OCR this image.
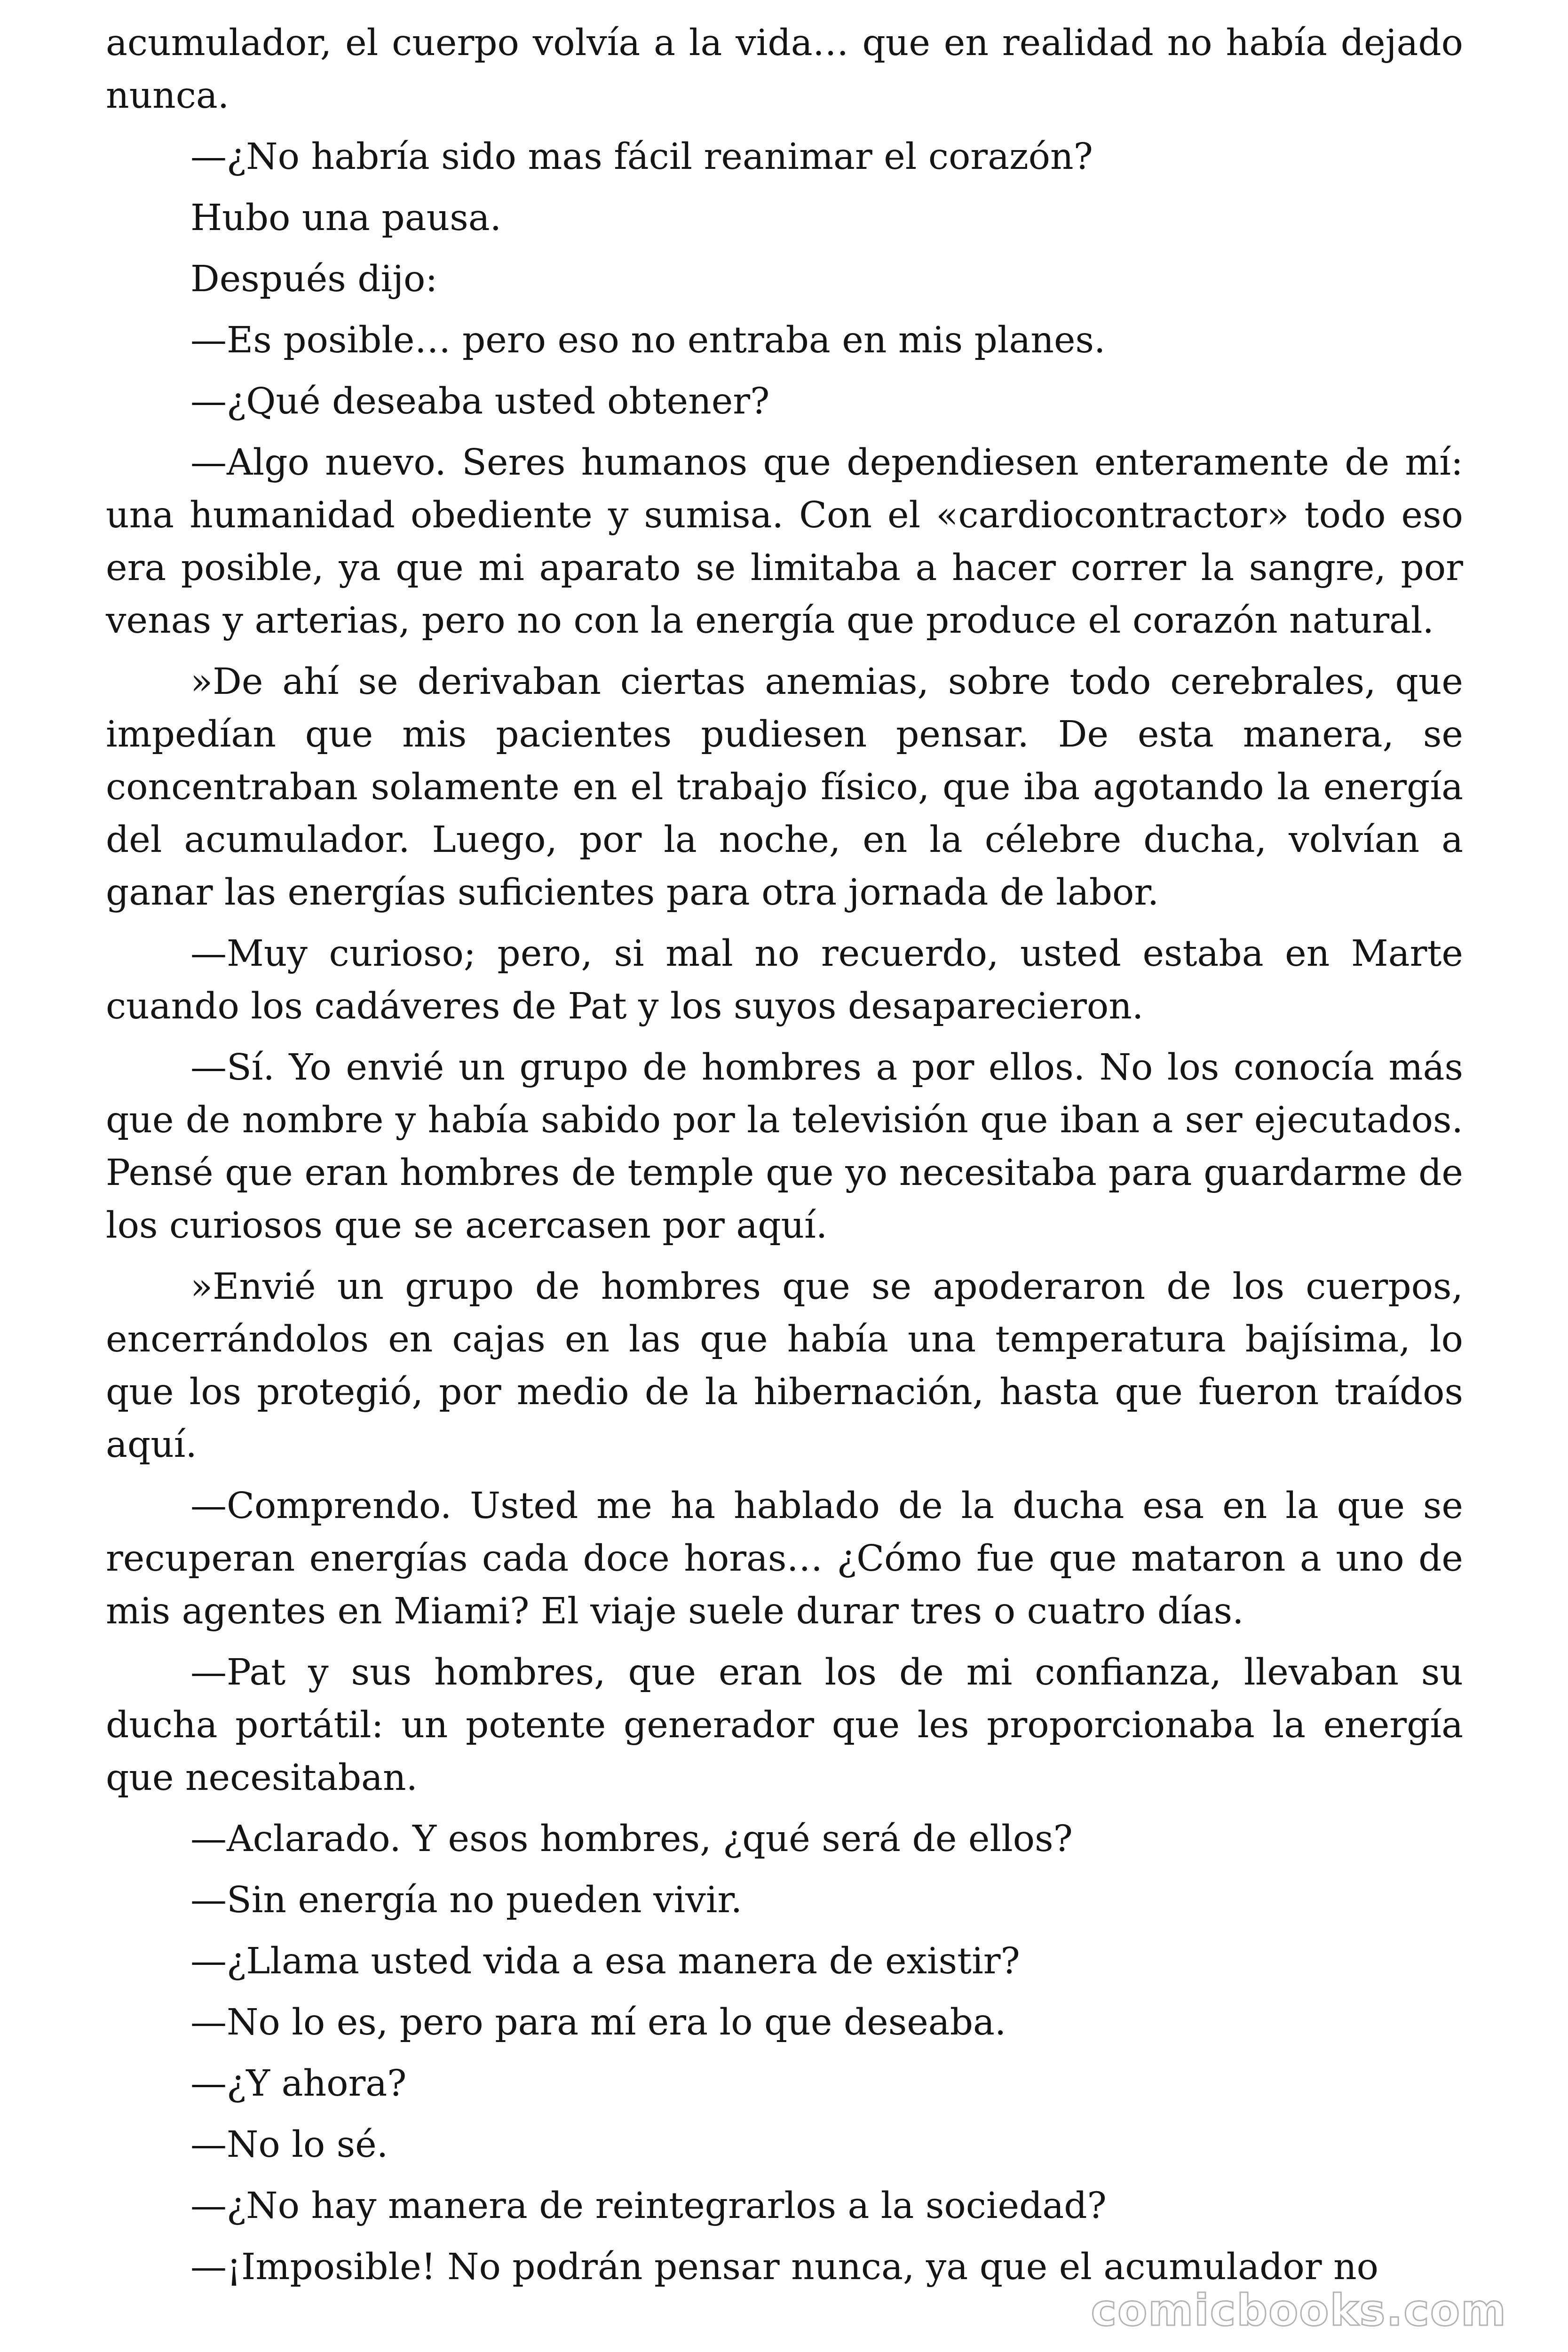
acumulador, el cuerpo volvía a la vida… que en realidad no había dejado nunca.

—¿No habría sido mas fácil reanimar el corazón?

Hubo una pausa.

Después dijo:

—Es posible… pero eso no entraba en mis planes.

—¿Qué deseaba usted obtener?

—Algo nuevo. Seres humanos que dependiesen enteramente de mí: una humanidad obediente y sumisa. Con el «cardiocontractor» todo eso era posible, ya que mi aparato se limitaba a hacer correr la sangre, por venas y arterias, pero no con la energía que produce el corazón natural.

»De ahí se derivaban ciertas anemias, sobre todo cerebrales, que impedían que mis pacientes pudiesen pensar. De esta manera, se concentraban solamente en el trabajo físico, que iba agotando la energía del acumulador. Luego, por la noche, en la célebre ducha, volvían a ganar las energías suficientes para otra jornada de labor.

—Muy curioso; pero, si mal no recuerdo, usted estaba en Marte cuando los cadáveres de Pat y los suyos desaparecieron.

—Sí. Yo envié un grupo de hombres a por ellos. No los conocía más que de nombre y había sabido por la televisión que iban a ser ejecutados. Pensé que eran hombres de temple que yo necesitaba para guardarme de los curiosos que se acercasen por aquí.

»Envié un grupo de hombres que se apoderaron de los cuerpos, encerrándolos en cajas en las que había una temperatura bajísima, lo que los protegió, por medio de la hibernación, hasta que fueron traídos aquí.

—Comprendo. Usted me ha hablado de la ducha esa en la que se recuperan energías cada doce horas… ¿Cómo fue que mataron a uno de mis agentes en Miami? El viaje suele durar tres o cuatro días.

—Pat y sus hombres, que eran los de mi confianza, llevaban su ducha portátil: un potente generador que les proporcionaba la energía que necesitaban.

—Aclarado. Y esos hombres, ¿qué será de ellos?

—Sin energía no pueden vivir.

—¿Llama usted vida a esa manera de existir?

—No lo es, pero para mí era lo que deseaba.

—¿Y ahora?

—No lo sé.

—¿No hay manera de reintegrarlos a la sociedad?

—¡Imposible! No podrán pensar nunca, ya que el acumulador no

comicbooks.com
